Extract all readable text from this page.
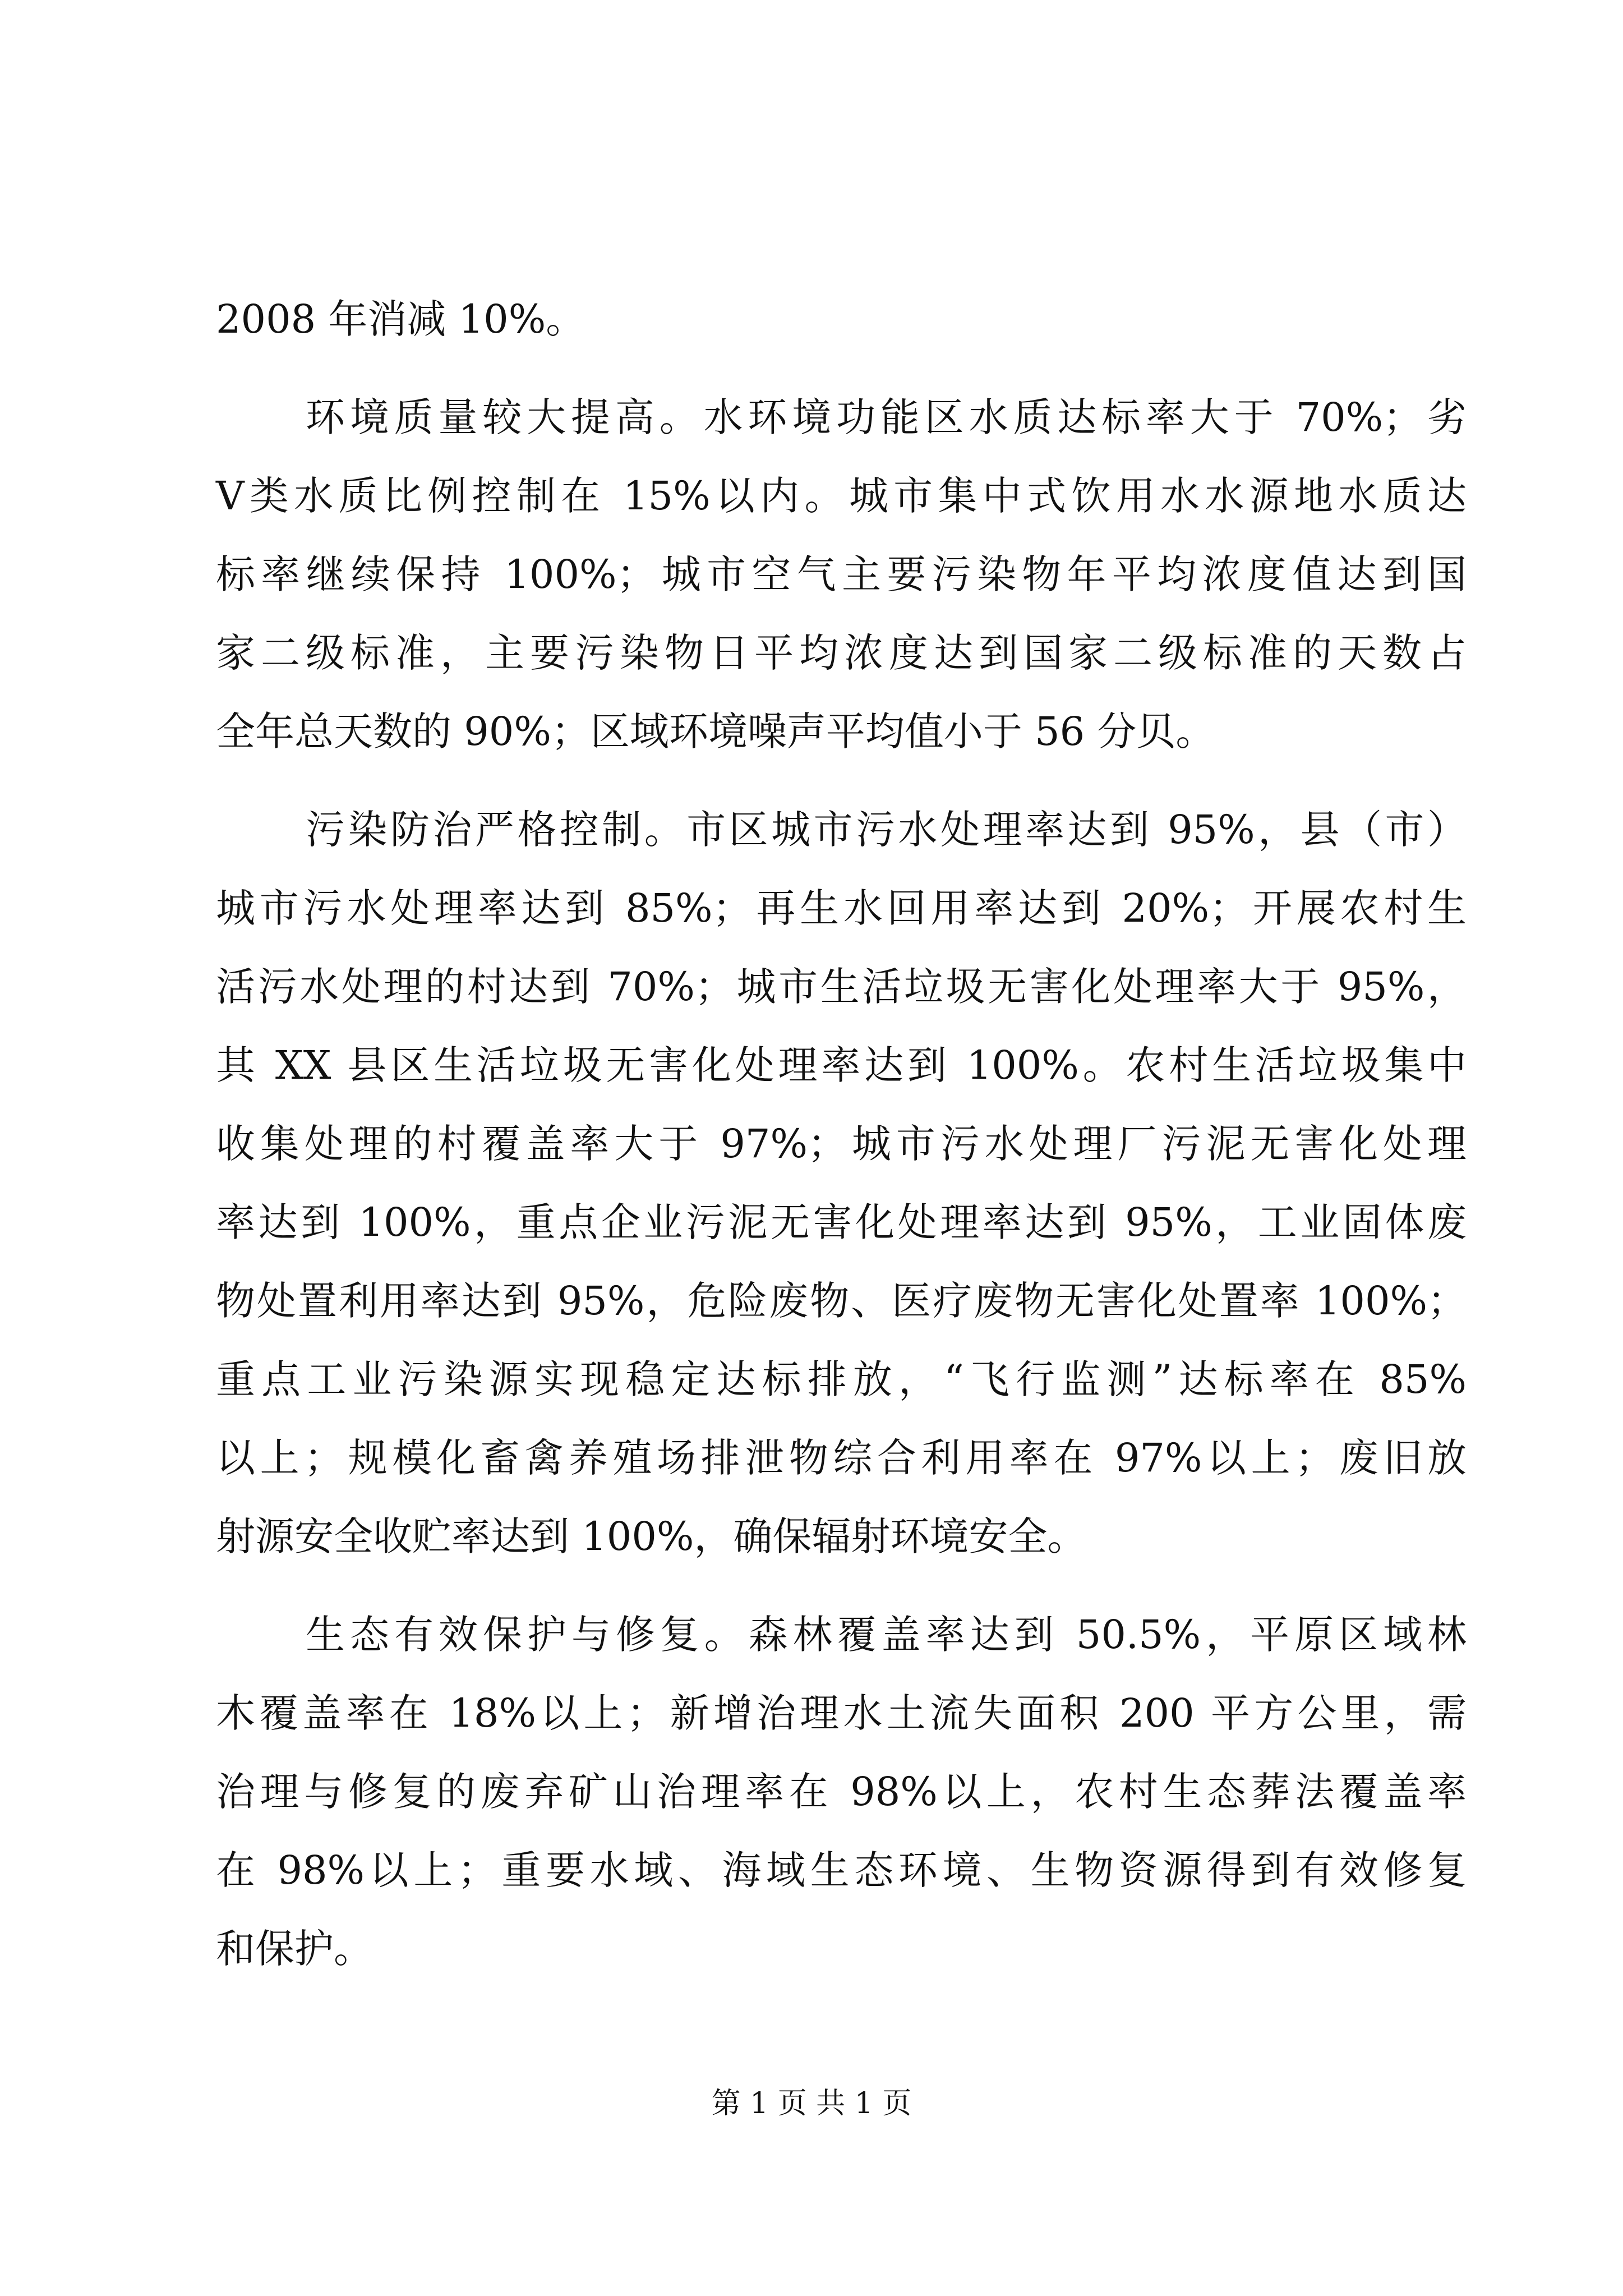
2008 年消减 10%。
环境质量较大提高。水环境功能区水质达标率大于 70%；劣
Ⅴ类水质比例控制在 15%以内。城市集中式饮用水水源地水质达
标率继续保持 100%；城市空气主要污染物年平均浓度值达到国
家二级标准，主要污染物日平均浓度达到国家二级标准的天数占
全年总天数的 90%；区域环境噪声平均值小于 56 分贝。
污染防治严格控制。市区城市污水处理率达到 95%，县（市）
城市污水处理率达到 85%；再生水回用率达到 20%；开展农村生
活污水处理的村达到 70%；城市生活垃圾无害化处理率大于 95%，
其 XX 县区生活垃圾无害化处理率达到 100%。农村生活垃圾集中
收集处理的村覆盖率大于 97%；城市污水处理厂污泥无害化处理
率达到 100%，重点企业污泥无害化处理率达到 95%，工业固体废
物处置利用率达到 95%，危险废物、医疗废物无害化处置率 100%；
重点工业污染源实现稳定达标排放，“飞行监测”达标率在 85%
以上；规模化畜禽养殖场排泄物综合利用率在 97%以上；废旧放
射源安全收贮率达到 100%，确保辐射环境安全。
生态有效保护与修复。森林覆盖率达到 50.5%，平原区域林
木覆盖率在 18%以上；新增治理水土流失面积 200 平方公里，需
治理与修复的废弃矿山治理率在 98%以上，农村生态葬法覆盖率
在 98%以上；重要水域、海域生态环境、生物资源得到有效修复
和保护。
第 1 页 共 1 页
